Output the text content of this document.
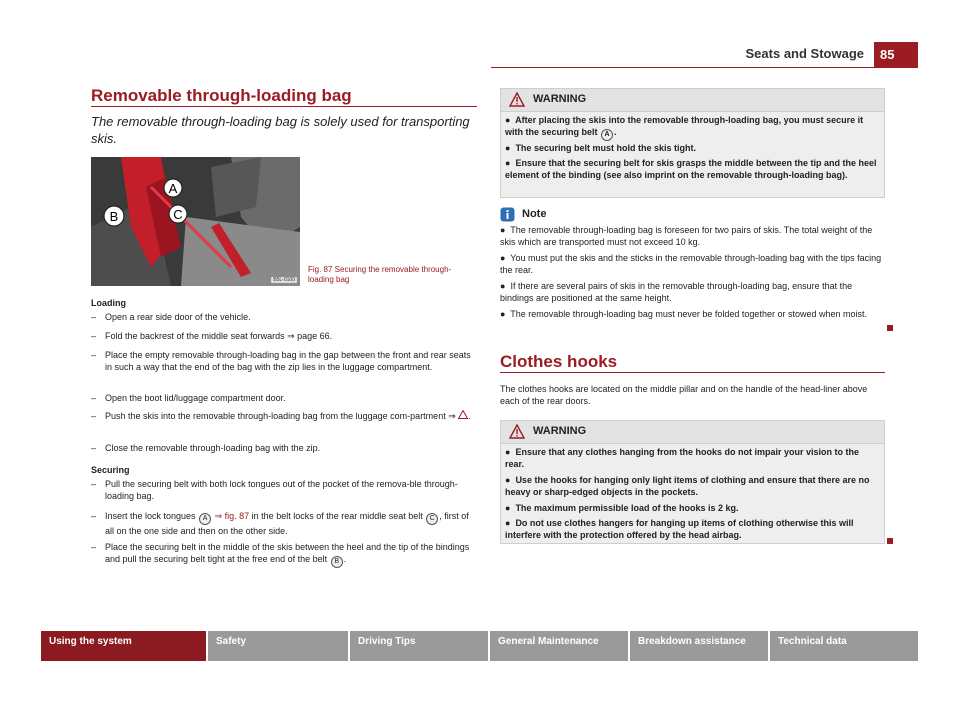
Seats and Stowage	85
Removable through-loading bag
The removable through-loading bag is solely used for transporting skis.
A
B	C
B5L-0100
Fig. 87 Securing the removable through-loading bag
Loading
– Open a rear side door of the vehicle.
– Fold the backrest of the middle seat forwards ⇒ page 66.
– Place the empty removable through-loading bag in the gap between the front and rear seats in such a way that the end of the bag with the zip lies in the luggage compartment.
– Open the boot lid/luggage compartment door.
– Push the skis into the removable through-loading bag from the luggage com-partment ⇒ .
– Close the removable through-loading bag with the zip.
Securing
– Pull the securing belt with both lock tongues out of the pocket of the remova-ble through-loading bag.
– Insert the lock tongues A ⇒ fig. 87 in the belt locks of the rear middle seat belt C , first of all on the one side and then on the other side.
– Place the securing belt in the middle of the skis between the heel and the tip of the bindings and pull the securing belt tight at the free end of the belt B .
WARNING
●  After placing the skis into the removable through-loading bag, you must secure it with the securing belt A .
●  The securing belt must hold the skis tight.
●  Ensure that the securing belt for skis grasps the middle between the tip and the heel element of the binding (see also imprint on the removable through-loading bag).
Note
●  The removable through-loading bag is foreseen for two pairs of skis. The total weight of the skis which are transported must not exceed 10 kg.
●  You must put the skis and the sticks in the removable through-loading bag with the tips facing the rear.
●  If there are several pairs of skis in the removable through-loading bag, ensure that the bindings are positioned at the same height.
●  The removable through-loading bag must never be folded together or stowed when moist.
Clothes hooks
The clothes hooks are located on the middle pillar and on the handle of the head-liner above each of the rear doors.
WARNING
●  Ensure that any clothes hanging from the hooks do not impair your vision to the rear.
●  Use the hooks for hanging only light items of clothing and ensure that there are no heavy or sharp-edged objects in the pockets.
●  The maximum permissible load of the hooks is 2 kg.
●  Do not use clothes hangers for hanging up items of clothing otherwise this will interfere with the protection offered by the head airbag.
Using the system	Safety	Driving Tips	General Maintenance	Breakdown assistance	Technical data
